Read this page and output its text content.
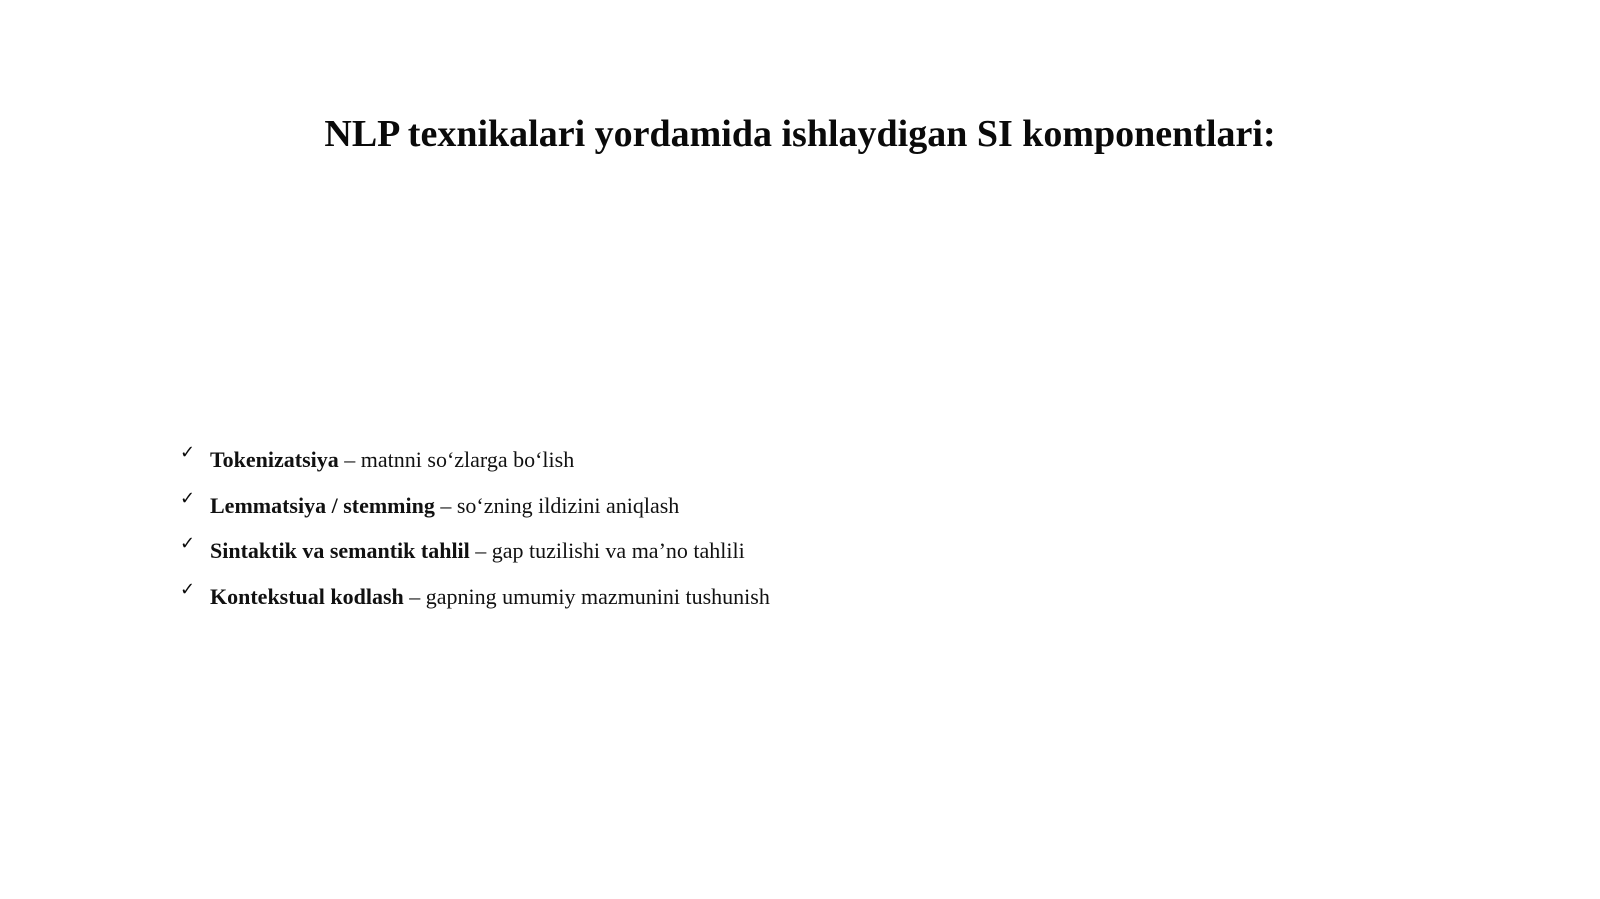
NLP texnikalari yordamida ishlaydigan SI komponentlari:
✓ Tokenizatsiya – matnni so‘zlarga bo‘lish
✓ Lemmatsiya / stemming – so‘zning ildizini aniqlash
✓ Sintaktik va semantik tahlil – gap tuzilishi va ma’no tahlili
✓ Kontekstual kodlash – gapning umumiy mazmunini tushunish
